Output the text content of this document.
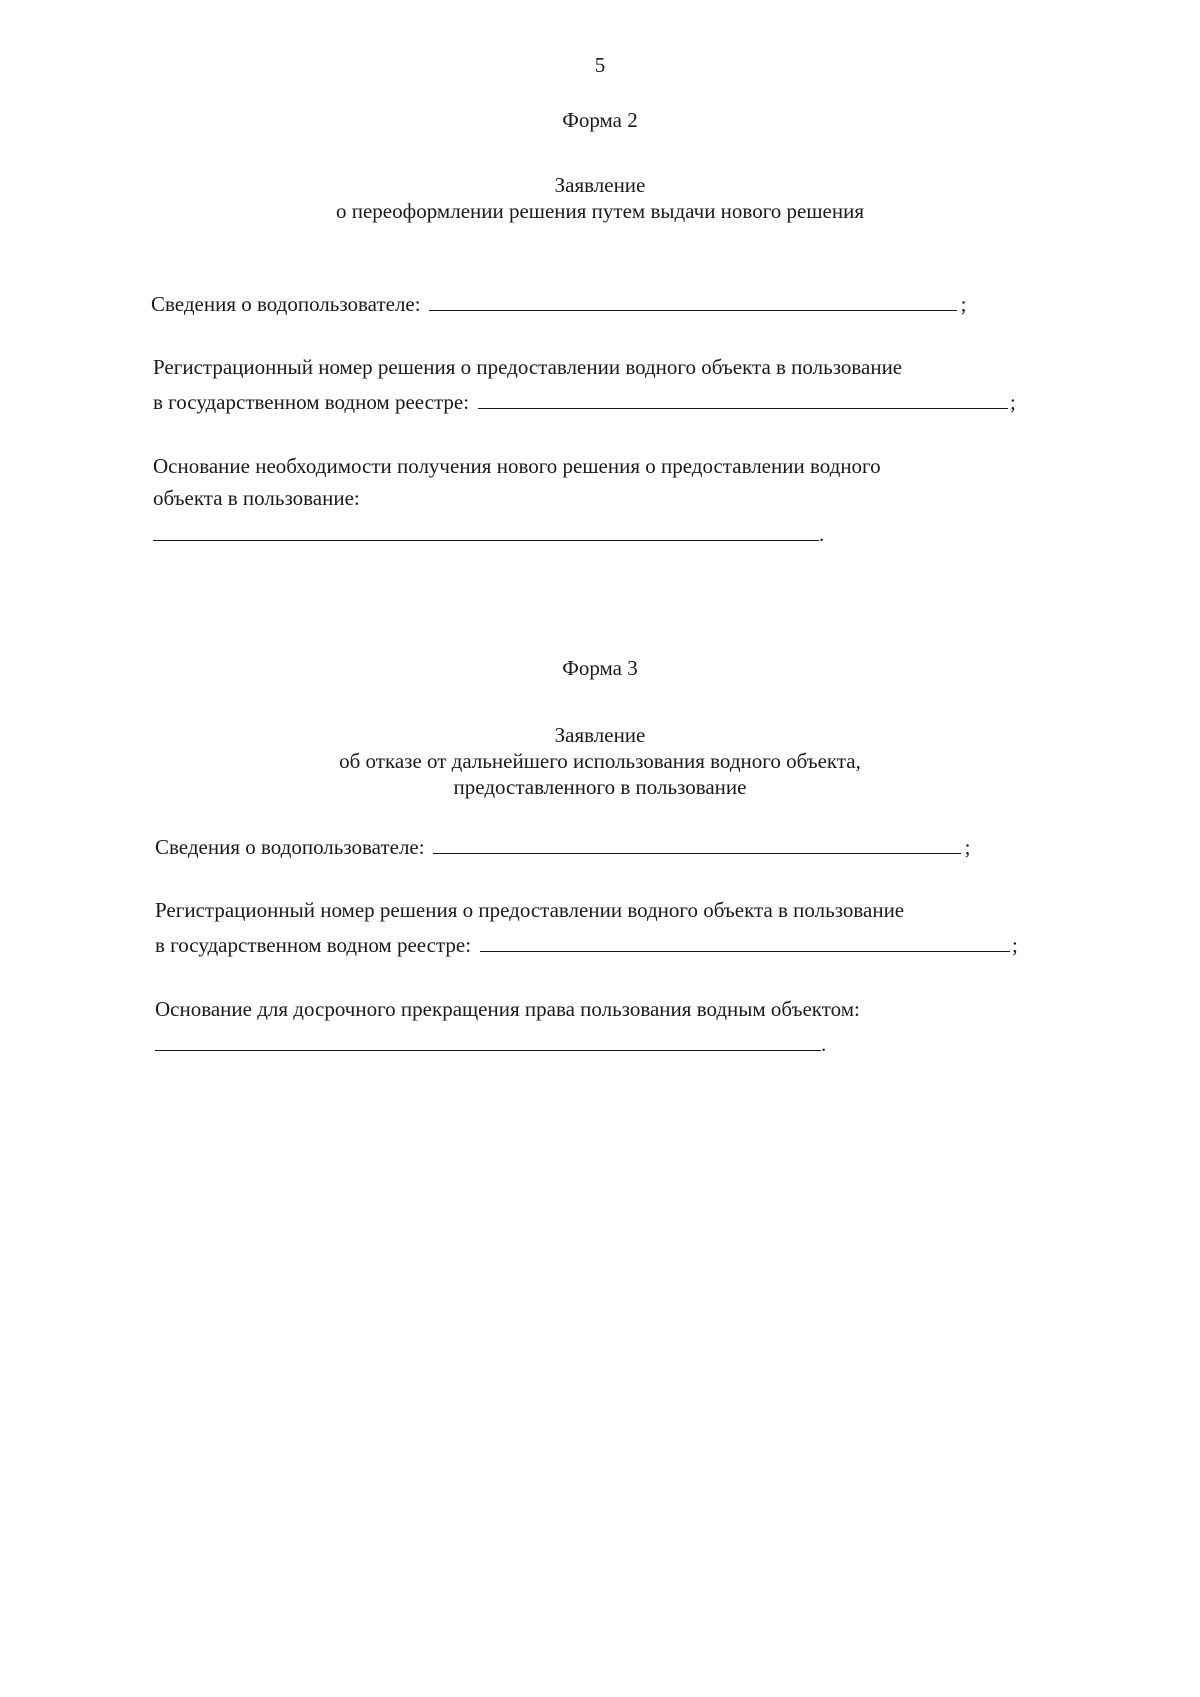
5
Форма 2
Заявление
о переоформлении решения путем выдачи нового решения
Сведения о водопользователе:	;
Регистрационный номер решения о предоставлении водного объекта в пользование
в государственном водном реестре:	;
Основание необходимости получения нового решения о предоставлении водного
объекта в пользование:
.
Форма 3
Заявление
об отказе от дальнейшего использования водного объекта,
предоставленного в пользование
Сведения о водопользователе:	;
Регистрационный номер решения о предоставлении водного объекта в пользование
в государственном водном реестре:	;
Основание для досрочного прекращения права пользования водным объектом:
.
